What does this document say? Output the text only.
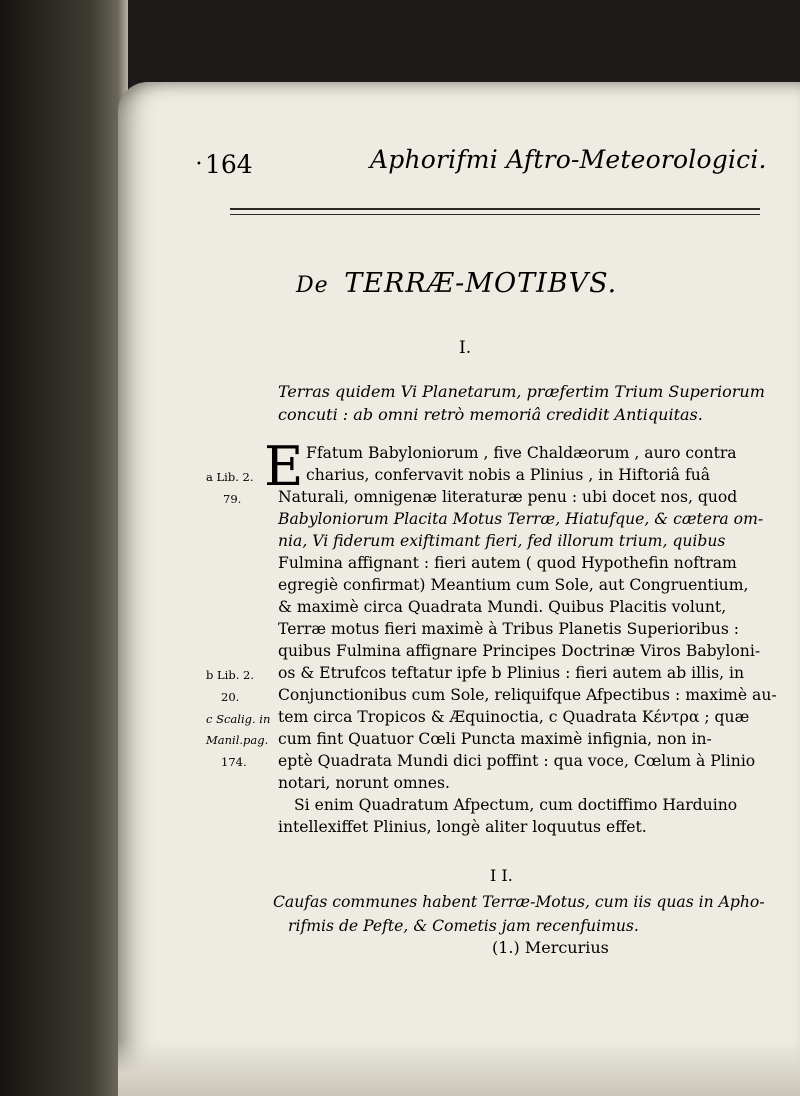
• 164	Aphorifmi Aftro-Meteorologici.
De TERRÆ-MOTIBVS.
I.
Terras quidem Vi Planetarum, præfertim Trium Superiorum
concuti : ab omni retrò memoriâ credidit Antiquitas.
E Ffatum Babyloniorum , five Chaldæorum , auro contra
charius, confervavit nobis a Plinius , in Hiftoriâ fuâ
Naturali, omnigenæ literaturæ penu : ubi docet nos, quod
Babyloniorum Placita Motus Terræ, Hiatufque, & cætera om-
nia, Vi fiderum exiftimant fieri, fed illorum trium, quibus
Fulmina affignant : fieri autem ( quod Hypothefin noftram
egregiè confirmat) Meantium cum Sole, aut Congruentium,
& maximè circa Quadrata Mundi. Quibus Placitis volunt,
Terræ motus fieri maximè à Tribus Planetis Superioribus :
quibus Fulmina affignare Principes Doctrinæ Viros Babyloni-
os & Etrufcos teftatur ipfe b Plinius : fieri autem ab illis, in
Conjunctionibus cum Sole, reliquifque Afpectibus : maximè au-
tem circa Tropicos & Æquinoctia, c Quadrata Κέντρα ; quæ
cum fint Quatuor Cœli Puncta maximè infignia, non in-
eptè Quadrata Mundi dici poffint : qua voce, Cœlum à Plinio
notari, norunt omnes.
Si enim Quadratum Afpectum, cum doctiffimo Harduino
intellexiffet Plinius, longè aliter loquutus effet.
a Lib. 2.
79.
b Lib. 2.
20.
c Scalig. in
Manil.pag.
174.
I I.
Caufas communes habent Terræ-Motus, cum iis quas in Apho-
rifmis de Pefte, & Cometis jam recenfuimus.
(1.) Mercurius
